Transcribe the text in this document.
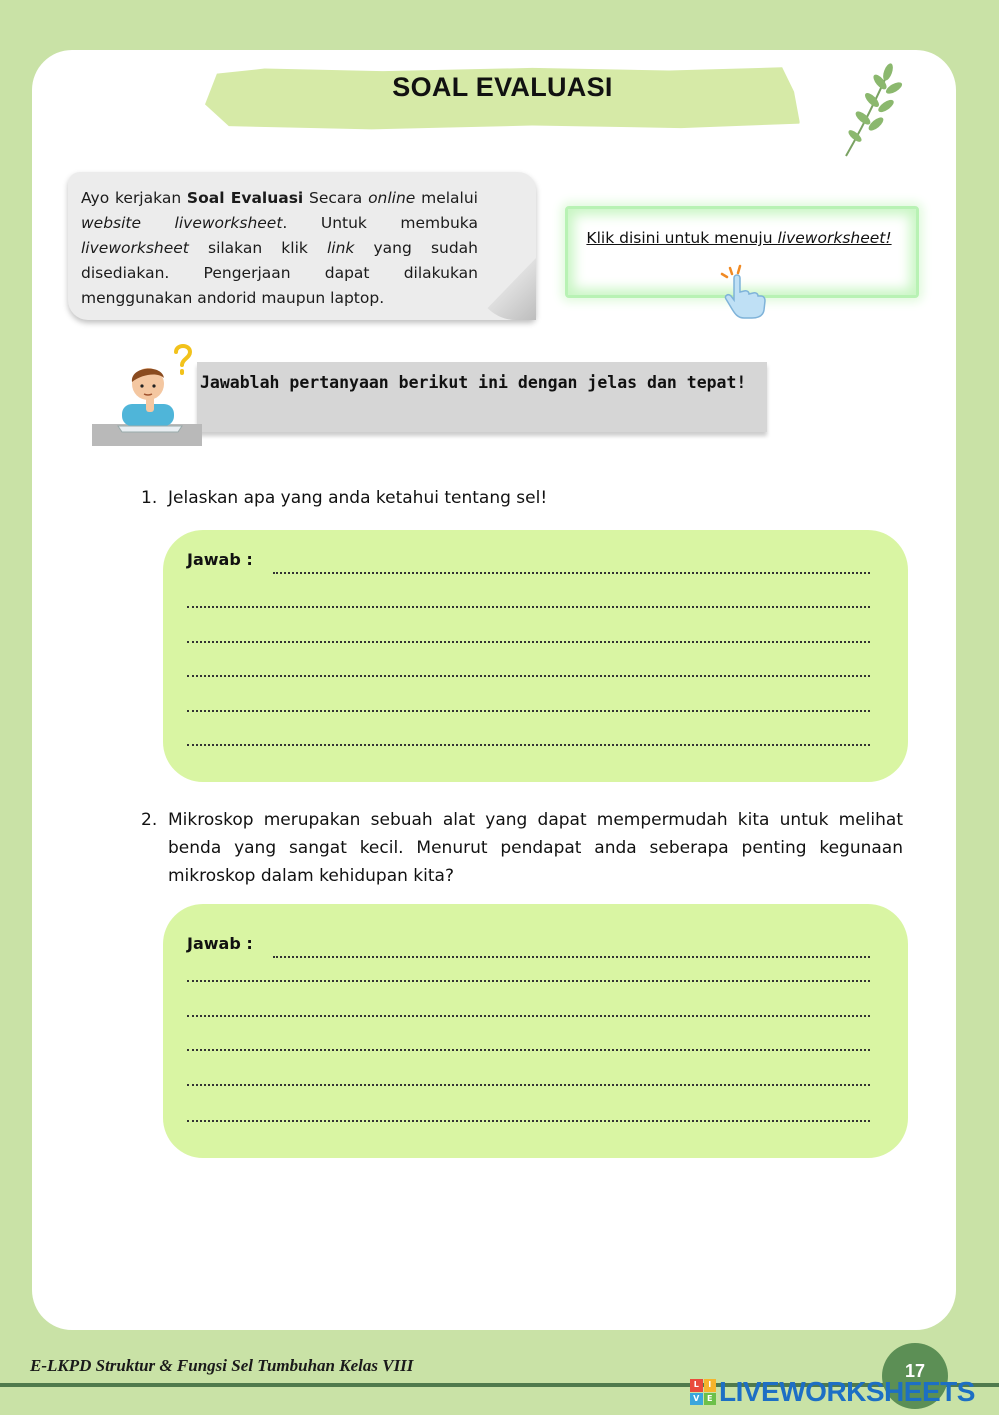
SOAL EVALUASI
Ayo kerjakan Soal Evaluasi Secara online melalui website liveworksheet. Untuk membuka liveworksheet silakan klik link yang sudah disediakan. Pengerjaan dapat dilakukan menggunakan andorid maupun laptop.
Klik disini untuk menuju liveworksheet!
Jawablah pertanyaan berikut ini dengan jelas dan tepat!
1. Jelaskan apa yang anda ketahui tentang sel!
Jawab :
2. Mikroskop merupakan sebuah alat yang dapat mempermudah kita untuk melihat benda yang sangat kecil. Menurut pendapat anda seberapa penting kegunaan mikroskop dalam kehidupan kita?
Jawab :
E-LKPD Struktur & Fungsi Sel Tumbuhan Kelas VIII	17
L	I
V E LIVEWORKSHEETS
